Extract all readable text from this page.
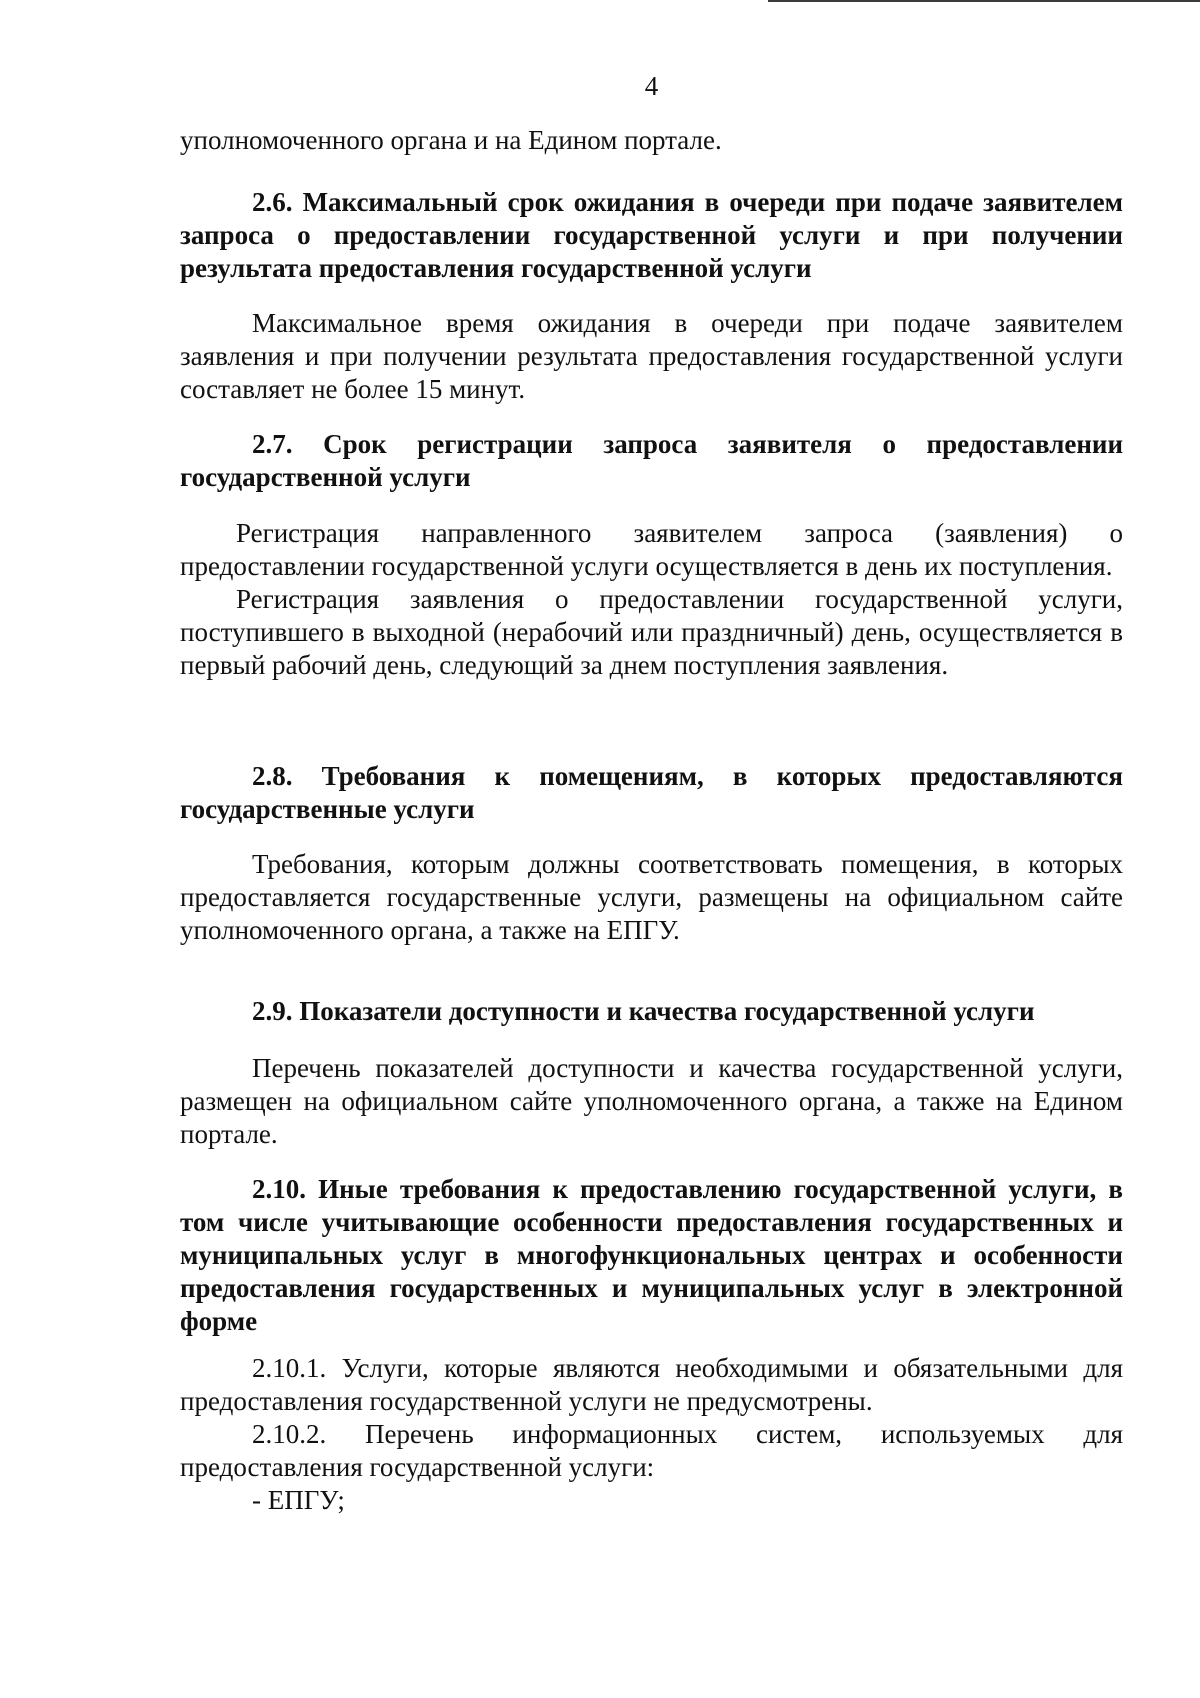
4

уполномоченного органа и на Едином портале.

2.6. Максимальный срок ожидания в очереди при подаче заявителем запроса о предоставлении государственной услуги и при получении результата предоставления государственной услуги

Максимальное время ожидания в очереди при подаче заявителем заявления и при получении результата предоставления государственной услуги составляет не более 15 минут.

2.7. Срок регистрации запроса заявителя о предоставлении государственной услуги

Регистрация направленного заявителем запроса (заявления) о предоставлении государственной услуги осуществляется в день их поступления.

Регистрация заявления о предоставлении государственной услуги, поступившего в выходной (нерабочий или праздничный) день, осуществляется в первый рабочий день, следующий за днем поступления заявления.

2.8. Требования к помещениям, в которых предоставляются государственные услуги

Требования, которым должны соответствовать помещения, в которых предоставляется государственные услуги, размещены на официальном сайте уполномоченного органа, а также на ЕПГУ.

2.9. Показатели доступности и качества государственной услуги

Перечень показателей доступности и качества государственной услуги, размещен на официальном сайте уполномоченного органа, а также на Едином портале.

2.10. Иные требования к предоставлению государственной услуги, в том числе учитывающие особенности предоставления государственных и муниципальных услуг в многофункциональных центрах и особенности предоставления государственных и муниципальных услуг в электронной форме

2.10.1. Услуги, которые являются необходимыми и обязательными для предоставления государственной услуги не предусмотрены.

2.10.2. Перечень информационных систем, используемых для предоставления государственной услуги:

- ЕПГУ;
